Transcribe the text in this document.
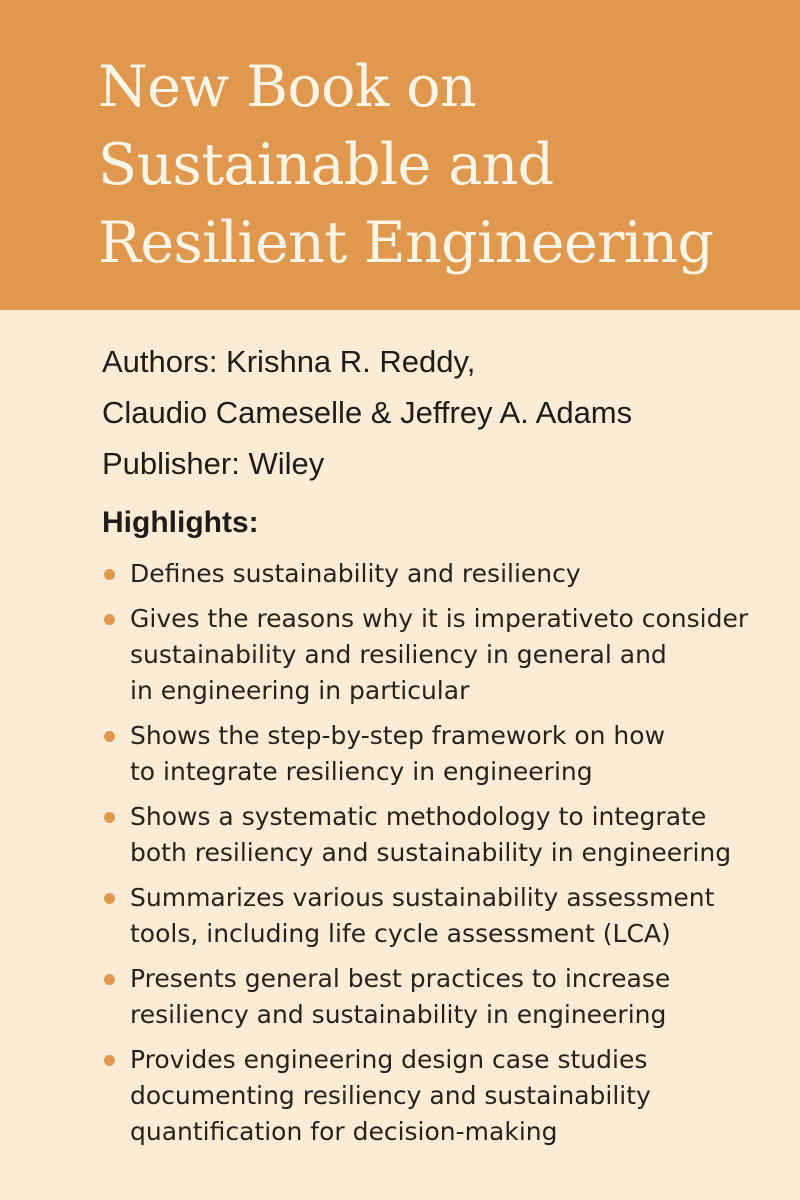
New Book on
Sustainable and
Resilient Engineering
Authors: Krishna R. Reddy,
Claudio Cameselle & Jeffrey A. Adams
Publisher: Wiley
Highlights:
Defines sustainability and resiliency
Gives the reasons why it is imperativeto consider
sustainability and resiliency in general and
in engineering in particular
Shows the step-by-step framework on how
to integrate resiliency in engineering
Shows a systematic methodology to integrate
both resiliency and sustainability in engineering
Summarizes various sustainability assessment
tools, including life cycle assessment (LCA)
Presents general best practices to increase
resiliency and sustainability in engineering
Provides engineering design case studies
documenting resiliency and sustainability
quantification for decision-making
